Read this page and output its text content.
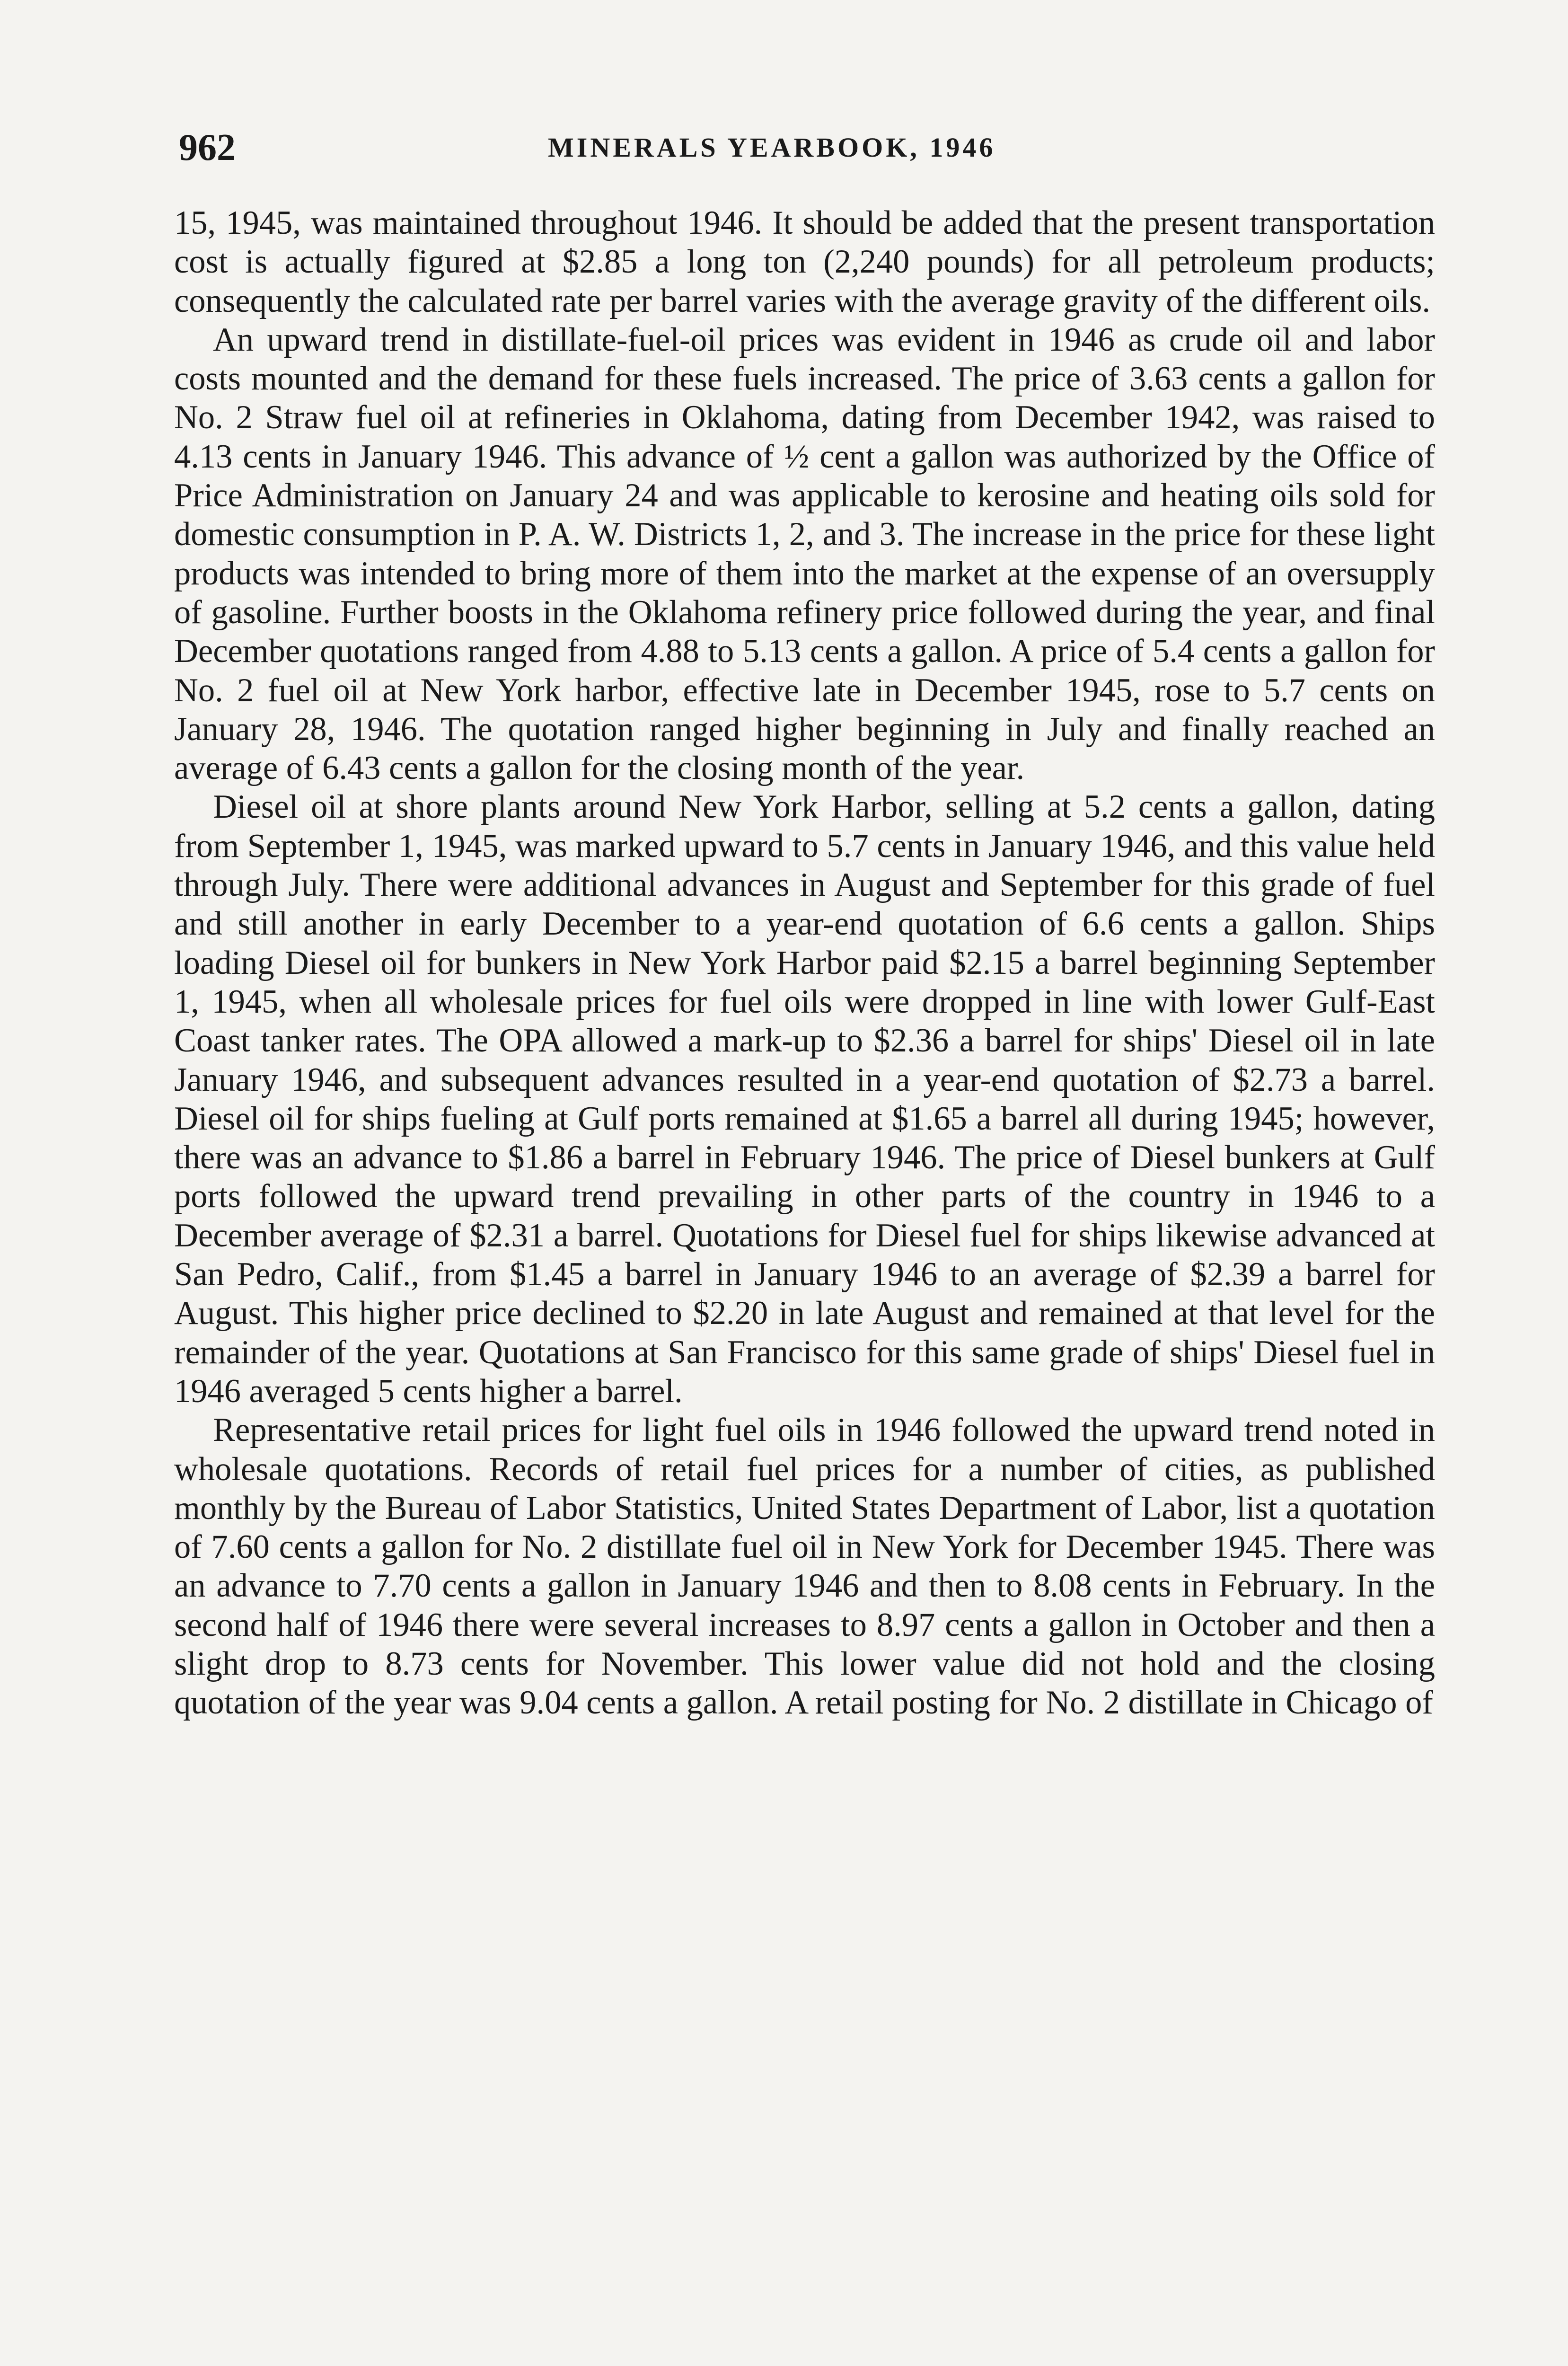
962	MINERALS YEARBOOK, 1946

15, 1945, was maintained throughout 1946. It should be added that the present transportation cost is actually figured at $2.85 a long ton (2,240 pounds) for all petroleum products; consequently the calculated rate per barrel varies with the average gravity of the different oils.

An upward trend in distillate-fuel-oil prices was evident in 1946 as crude oil and labor costs mounted and the demand for these fuels increased. The price of 3.63 cents a gallon for No. 2 Straw fuel oil at refineries in Oklahoma, dating from December 1942, was raised to 4.13 cents in January 1946. This advance of ½ cent a gallon was authorized by the Office of Price Administration on January 24 and was applicable to kerosine and heating oils sold for domestic consumption in P. A. W. Districts 1, 2, and 3. The increase in the price for these light products was intended to bring more of them into the market at the expense of an oversupply of gasoline. Further boosts in the Oklahoma refinery price followed during the year, and final December quotations ranged from 4.88 to 5.13 cents a gallon. A price of 5.4 cents a gallon for No. 2 fuel oil at New York harbor, effective late in December 1945, rose to 5.7 cents on January 28, 1946. The quotation ranged higher beginning in July and finally reached an average of 6.43 cents a gallon for the closing month of the year.

Diesel oil at shore plants around New York Harbor, selling at 5.2 cents a gallon, dating from September 1, 1945, was marked upward to 5.7 cents in January 1946, and this value held through July. There were additional advances in August and September for this grade of fuel and still another in early December to a year-end quotation of 6.6 cents a gallon. Ships loading Diesel oil for bunkers in New York Harbor paid $2.15 a barrel beginning September 1, 1945, when all wholesale prices for fuel oils were dropped in line with lower Gulf-East Coast tanker rates. The OPA allowed a mark-up to $2.36 a barrel for ships' Diesel oil in late January 1946, and subsequent advances resulted in a year-end quotation of $2.73 a barrel. Diesel oil for ships fueling at Gulf ports remained at $1.65 a barrel all during 1945; however, there was an advance to $1.86 a barrel in February 1946. The price of Diesel bunkers at Gulf ports followed the upward trend prevailing in other parts of the country in 1946 to a December average of $2.31 a barrel. Quotations for Diesel fuel for ships likewise advanced at San Pedro, Calif., from $1.45 a barrel in January 1946 to an average of $2.39 a barrel for August. This higher price declined to $2.20 in late August and remained at that level for the remainder of the year. Quotations at San Francisco for this same grade of ships' Diesel fuel in 1946 averaged 5 cents higher a barrel.

Representative retail prices for light fuel oils in 1946 followed the upward trend noted in wholesale quotations. Records of retail fuel prices for a number of cities, as published monthly by the Bureau of Labor Statistics, United States Department of Labor, list a quotation of 7.60 cents a gallon for No. 2 distillate fuel oil in New York for December 1945. There was an advance to 7.70 cents a gallon in January 1946 and then to 8.08 cents in February. In the second half of 1946 there were several increases to 8.97 cents a gallon in October and then a slight drop to 8.73 cents for November. This lower value did not hold and the closing quotation of the year was 9.04 cents a gallon. A retail posting for No. 2 distillate in Chicago of
